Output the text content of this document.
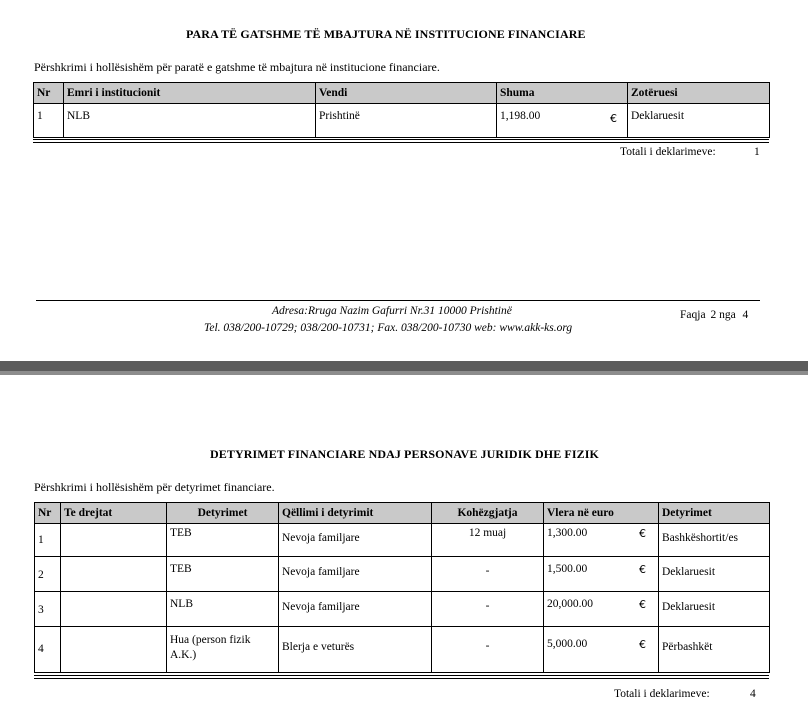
PARA TË GATSHME TË MBAJTURA NË INSTITUCIONE FINANCIARE
Përshkrimi i hollësishëm për paratë e gatshme të mbajtura në institucione financiare.
Nr	Emri i institucionit	Vendi	Shuma	Zotëruesi
1	NLB	Prishtinë	1,198.00 €	Deklaruesit
Totali i deklarimeve:	1
Adresa:Rruga Nazim Gafurri Nr.31 10000 Prishtinë
Tel. 038/200-10729; 038/200-10731; Fax. 038/200-10730 web: www.akk-ks.org
Faqja 2 nga 4
DETYRIMET FINANCIARE NDAJ PERSONAVE JURIDIK DHE FIZIK
Përshkrimi i hollësishëm për detyrimet financiare.
Nr	Te drejtat	Detyrimet	Qëllimi i detyrimit	Kohëzgjatja	Vlera në euro	Detyrimet
1		TEB	Nevoja familjare	12 muaj	1,300.00 €	Bashkëshortit/es
2		TEB	Nevoja familjare	-	1,500.00 €	Deklaruesit
3		NLB	Nevoja familjare	-	20,000.00 €	Deklaruesit
4		Hua (person fizik A.K.)	Blerja e veturës	-	5,000.00 €	Përbashkët
Totali i deklarimeve:	4
